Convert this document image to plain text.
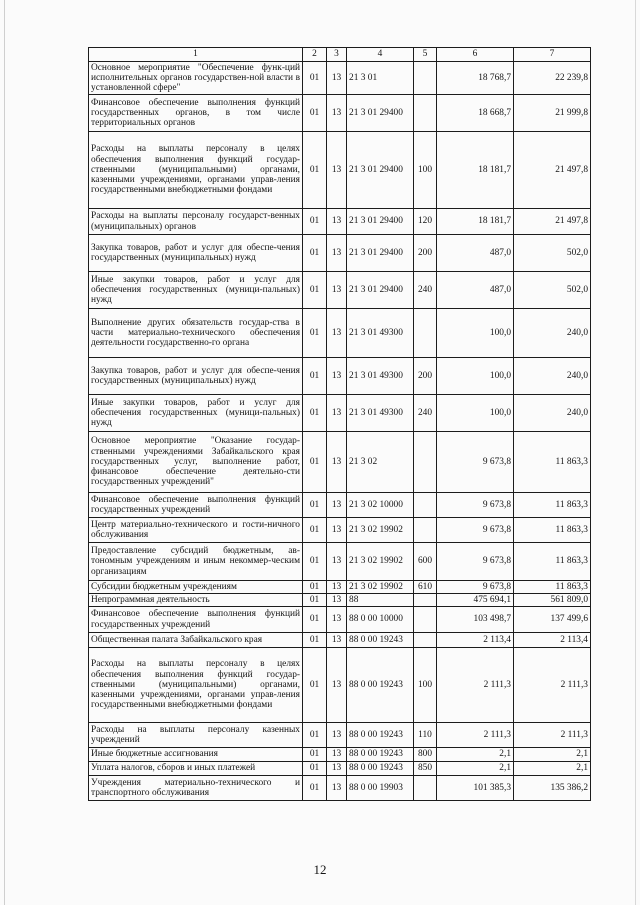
1	2	3	4	5	6	7
Основное мероприятие "Обеспечение функ-ций исполнительных органов государствен-ной власти в установленной сфере"	01	13	21 3 01		18 768,7	22 239,8
Финансовое обеспечение выполнения функций государственных органов, в том числе территориальных органов	01	13	21 3 01 29400		18 668,7	21 999,8
Расходы на выплаты персоналу в целях обеспечения выполнения функций государ-ственными (муниципальными) органами, казенными учреждениями, органами управ-ления государственными внебюджетными фондами	01	13	21 3 01 29400	100	18 181,7	21 497,8
Расходы на выплаты персоналу государст-венных (муниципальных) органов	01	13	21 3 01 29400	120	18 181,7	21 497,8
Закупка товаров, работ и услуг для обеспе-чения государственных (муниципальных) нужд	01	13	21 3 01 29400	200	487,0	502,0
Иные закупки товаров, работ и услуг для обеспечения государственных (муници-пальных) нужд	01	13	21 3 01 29400	240	487,0	502,0
Выполнение других обязательств государ-ства в части материально-технического обеспечения деятельности государственно-го органа	01	13	21 3 01 49300		100,0	240,0
Закупка товаров, работ и услуг для обеспе-чения государственных (муниципальных) нужд	01	13	21 3 01 49300	200	100,0	240,0
Иные закупки товаров, работ и услуг для обеспечения государственных (муници-пальных) нужд	01	13	21 3 01 49300	240	100,0	240,0
Основное мероприятие "Оказание государ-ственными учреждениями Забайкальского края государственных услуг, выполнение работ, финансовое обеспечение деятельно-сти государственных учреждений"	01	13	21 3 02		9 673,8	11 863,3
Финансовое обеспечение выполнения функций государственных учреждений	01	13	21 3 02 10000		9 673,8	11 863,3
Центр материально-технического и гости-ничного обслуживания	01	13	21 3 02 19902		9 673,8	11 863,3
Предоставление субсидий бюджетным, ав-тономным учреждениям и иным некоммер-ческим организациям	01	13	21 3 02 19902	600	9 673,8	11 863,3
Субсидии бюджетным учреждениям	01	13	21 3 02 19902	610	9 673,8	11 863,3
Непрограммная деятельность	01	13	88		475 694,1	561 809,0
Финансовое обеспечение выполнения функций государственных учреждений	01	13	88 0 00 10000		103 498,7	137 499,6
Общественная палата Забайкальского края	01	13	88 0 00 19243		2 113,4	2 113,4
Расходы на выплаты персоналу в целях обеспечения выполнения функций государ-ственными (муниципальными) органами, казенными учреждениями, органами управ-ления государственными внебюджетными фондами	01	13	88 0 00 19243	100	2 111,3	2 111,3
Расходы на выплаты персоналу казенных учреждений	01	13	88 0 00 19243	110	2 111,3	2 111,3
Иные бюджетные ассигнования	01	13	88 0 00 19243	800	2,1	2,1
Уплата налогов, сборов и иных платежей	01	13	88 0 00 19243	850	2,1	2,1
Учреждения материально-технического и транспортного обслуживания	01	13	88 0 00 19903		101 385,3	135 386,2
12
